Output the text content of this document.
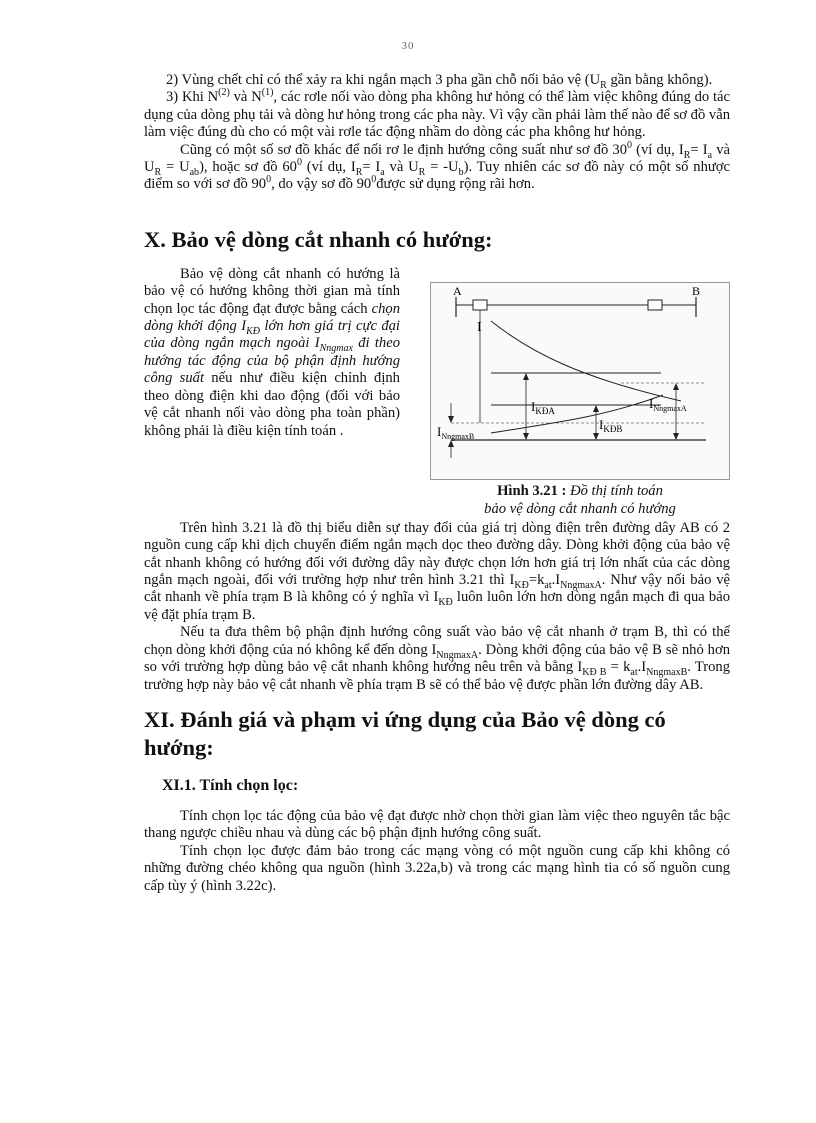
30

2) Vùng chết chỉ có thể xảy ra khi ngắn mạch 3 pha gần chỗ nối bảo vệ ($U_R$ gần bằng không).

3) Khi $N^{(2)}$ và $N^{(1)}$, các rơle nối vào dòng pha không hư hỏng có thể làm việc không đúng do tác dụng của dòng phụ tải và dòng hư hỏng trong các pha này. Vì vậy cần phải làm thế nào để sơ đồ vẫn làm việc đúng dù cho có một vài rơle tác động nhầm do dòng các pha không hư hỏng.

Cũng có một số sơ đồ khác để nối rơ le định hướng công suất như sơ đồ $30^0$ (ví dụ, $I_R= I_a$ và $U_R = U_{ab}$), hoặc sơ đồ $60^0$ (ví dụ, $I_R= I_a$ và $U_R = -U_b$). Tuy nhiên các sơ đồ này có một số nhược điểm so với sơ đồ $90^0$, do vậy sơ đồ $90^0được$ sử dụng rộng rãi hơn.

X. Bảo vệ dòng cắt nhanh có hướng:

Bảo vệ dòng cắt nhanh có hướng là bảo vệ có hướng không thời gian mà tính chọn lọc tác động đạt được bằng cách chọn dòng khởi động $I_{KĐ}$ lớn hơn giá trị cực đại của dòng ngắn mạch ngoài $I_{Nngmax}$ đi theo hướng tác động của bộ phận định hướng công suất nếu như điều kiện chỉnh định theo dòng điện khi dao động (đối với bảo vệ cắt nhanh nối vào dòng pha toàn phần) không phải là điều kiện tính toán .

A	B
I
$I_{KĐA}$
$I_{KĐB}$
$I_{NngmaxA}$
$I_{NngmaxB}$
Hình 3.21 : Đồ thị tính toán
bảo vệ dòng cắt nhanh có hướng

Trên hình 3.21 là đồ thị biểu diễn sự thay đổi của giá trị dòng điện trên đường dây AB có 2 nguồn cung cấp khi dịch chuyển điểm ngắn mạch dọc theo đường dây. Dòng khởi động của bảo vệ cắt nhanh không có hướng đối với đường dây này được chọn lớn hơn giá trị lớn nhất của các dòng ngắn mạch ngoài, đối với trường hợp như trên hình 3.21 thì $I_{KĐ}=k_{at}.I_{NngmaxA}$. Như vậy nối bảo vệ cắt nhanh về phía trạm B là không có ý nghĩa vì $I_{KĐ}$ luôn luôn lớn hơn dòng ngắn mạch đi qua bảo vệ đặt phía trạm B.

Nếu ta đưa thêm bộ phận định hướng công suất vào bảo vệ cắt nhanh ở trạm B, thì có thể chọn dòng khởi động của nó không kể đến dòng $I_{NngmaxA}$. Dòng khởi động của bảo vệ B sẽ nhỏ hơn so với trường hợp dùng bảo vệ cắt nhanh không hướng nêu trên và bằng $I_{KĐ B} = k_{at}.I_{NngmaxB}$. Trong trường hợp này bảo vệ cắt nhanh về phía trạm B sẽ có thể bảo vệ được phần lớn đường dây AB.

XI. Đánh giá và phạm vi ứng dụng của Bảo vệ dòng có hướng:
XI.1. Tính chọn lọc:

Tính chọn lọc tác động của bảo vệ đạt được nhờ chọn thời gian làm việc theo nguyên tắc bậc thang ngược chiều nhau và dùng các bộ phận định hướng công suất.

Tính chọn lọc được đảm bảo trong các mạng vòng có một nguồn cung cấp khi không có những đường chéo không qua nguồn (hình 3.22a,b) và trong các mạng hình tia có số nguồn cung cấp tùy ý (hình 3.22c).
